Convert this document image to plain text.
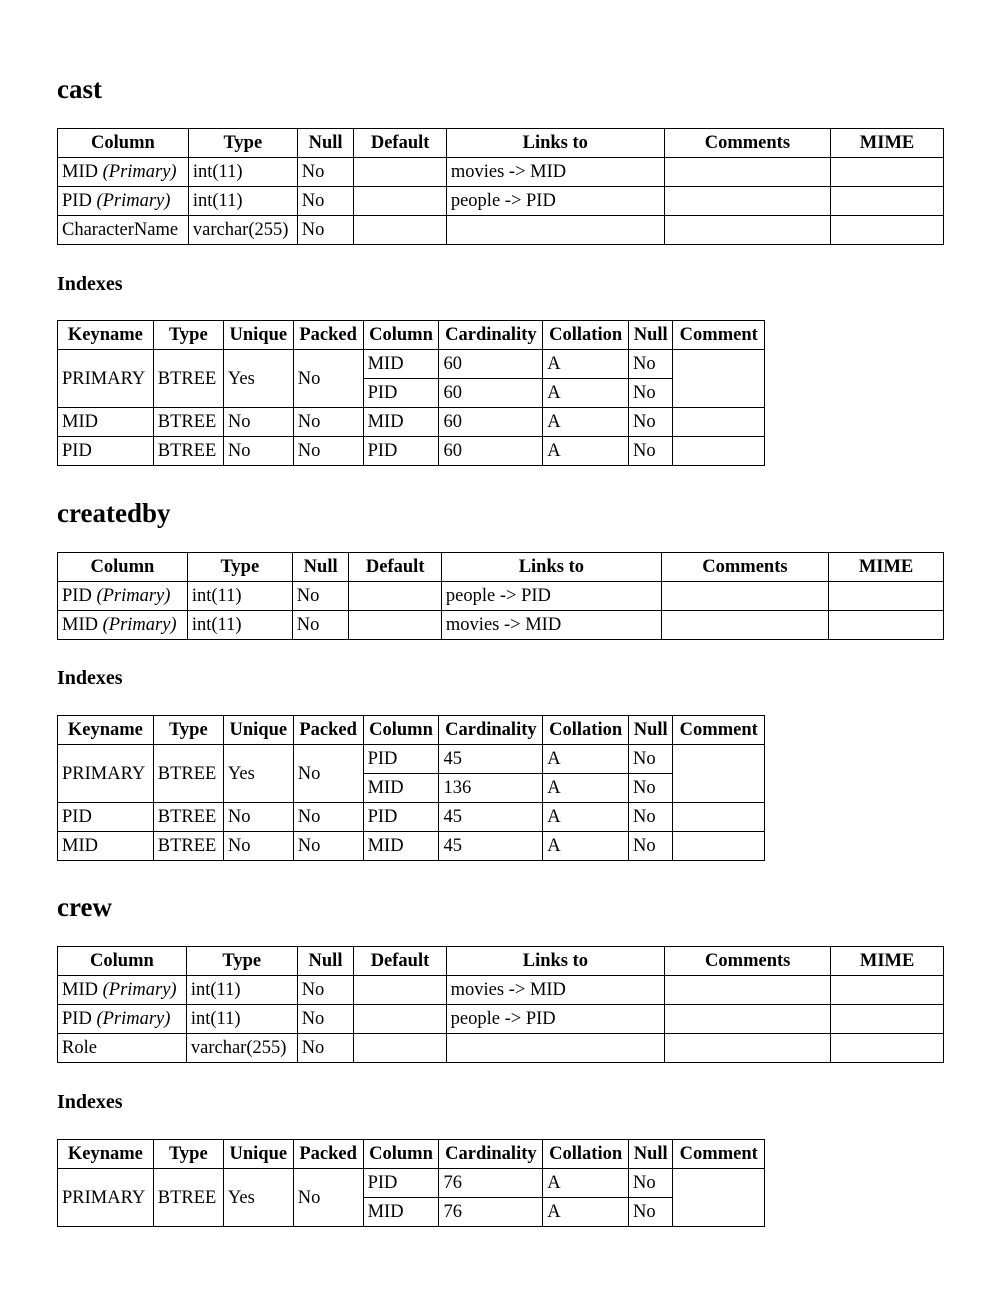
cast
Column	Type	Null	Default	Links to	Comments	MIME
MID (Primary)	int(11)	No		movies -> MID		
PID (Primary)	int(11)	No		people -> PID		
CharacterName	varchar(255)	No				
Indexes
Keyname	Type	Unique	Packed	Column	Cardinality	Collation	Null	Comment
PRIMARY	BTREE	Yes	No	MID	60	A	No	
				PID	60	A	No	
MID	BTREE	No	No	MID	60	A	No	
PID	BTREE	No	No	PID	60	A	No	
createdby
Column	Type	Null	Default	Links to	Comments	MIME
PID (Primary)	int(11)	No		people -> PID		
MID (Primary)	int(11)	No		movies -> MID		
Indexes
Keyname	Type	Unique	Packed	Column	Cardinality	Collation	Null	Comment
PRIMARY	BTREE	Yes	No	PID	45	A	No	
				MID	136	A	No	
PID	BTREE	No	No	PID	45	A	No	
MID	BTREE	No	No	MID	45	A	No	
crew
Column	Type	Null	Default	Links to	Comments	MIME
MID (Primary)	int(11)	No		movies -> MID		
PID (Primary)	int(11)	No		people -> PID		
Role	varchar(255)	No				
Indexes
Keyname	Type	Unique	Packed	Column	Cardinality	Collation	Null	Comment
PRIMARY	BTREE	Yes	No	PID	76	A	No	
				MID	76	A	No	
